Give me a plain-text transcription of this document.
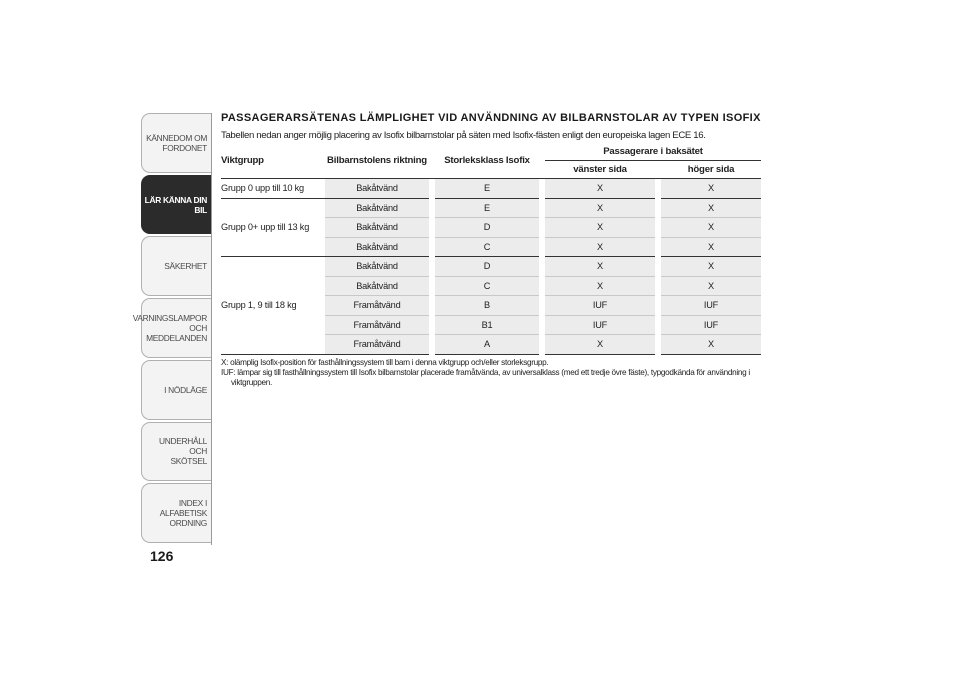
KÄNNEDOM OM
FORDONET
LÄR KÄNNA DIN
BIL
SÄKERHET
VARNINGSLAMPOR
OCH MEDDELANDEN
I NÖDLÄGE
UNDERHÅLL OCH
SKÖTSEL
INDEX I ALFABETISK
ORDNING
126
PASSAGERARSÄTENAS LÄMPLIGHET VID ANVÄNDNING AV BILBARNSTOLAR AV TYPEN ISOFIX
Tabellen nedan anger möjlig placering av Isofix bilbarnstolar på säten med Isofix-fästen enligt den europeiska lagen ECE 16.
Viktgrupp	Bilbarnstolens riktning		Storleksklass Isofix		Passagerare i baksätet		
					vänster sida		höger sida
Grupp 0 upp till 10 kg	Bakåtvänd		E		X		X
Grupp 0+ upp till 13 kg	Bakåtvänd		E		X		X
	Bakåtvänd		D		X		X
	Bakåtvänd		C		X		X
Grupp 1, 9 till 18 kg	Bakåtvänd		D		X		X
	Bakåtvänd		C		X		X
	Framåtvänd		B		IUF		IUF
	Framåtvänd		B1		IUF		IUF
	Framåtvänd		A		X		X
X: olämplig Isofix-position för fasthållningssystem till barn i denna viktgrupp och/eller storleksgrupp.
IUF: lämpar sig till fasthållningssystem till Isofix bilbarnstolar placerade framåtvända, av universalklass (med ett tredje övre fäste), typgodkända för användning i
viktgruppen.
